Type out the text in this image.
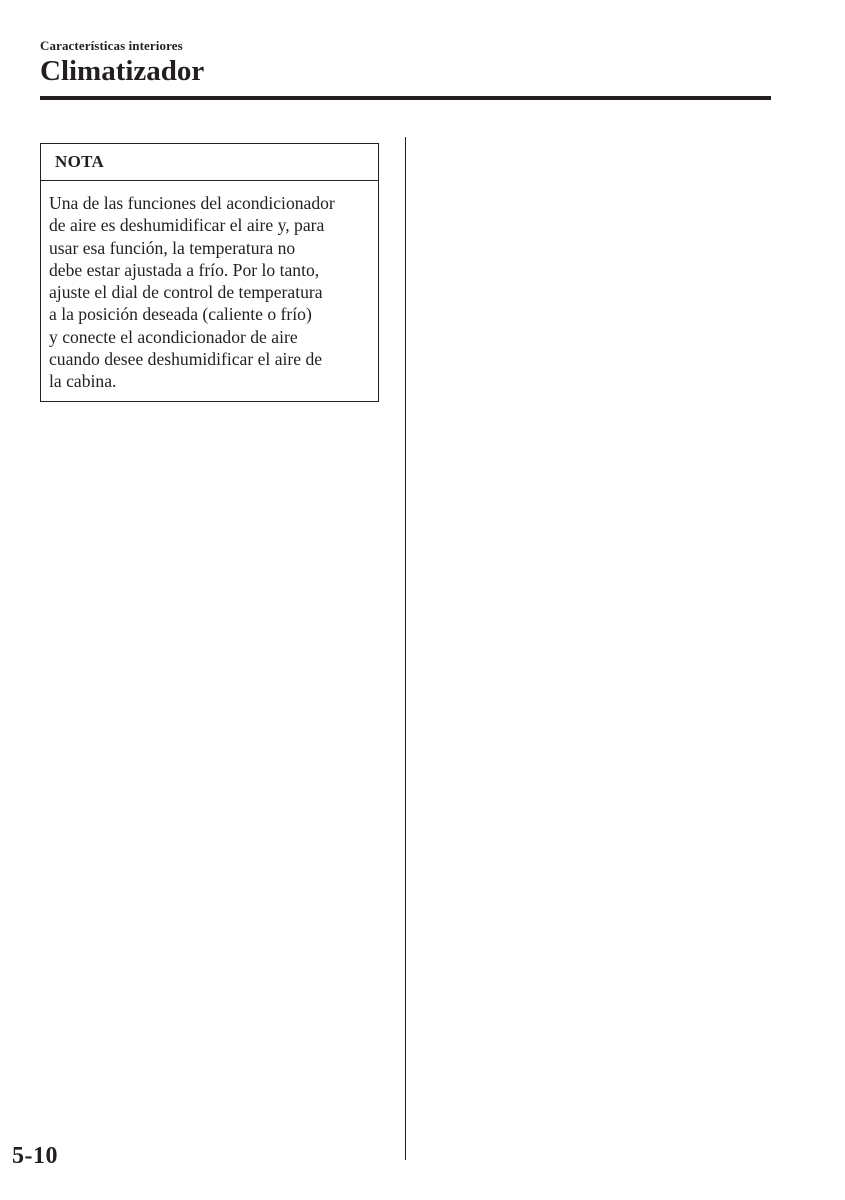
Características interiores
Climatizador
NOTA
Una de las funciones del acondicionador
de aire es deshumidificar el aire y, para
usar esa función, la temperatura no
debe estar ajustada a frío. Por lo tanto,
ajuste el dial de control de temperatura
a la posición deseada (caliente o frío)
y conecte el acondicionador de aire
cuando desee deshumidificar el aire de
la cabina.
5-10
